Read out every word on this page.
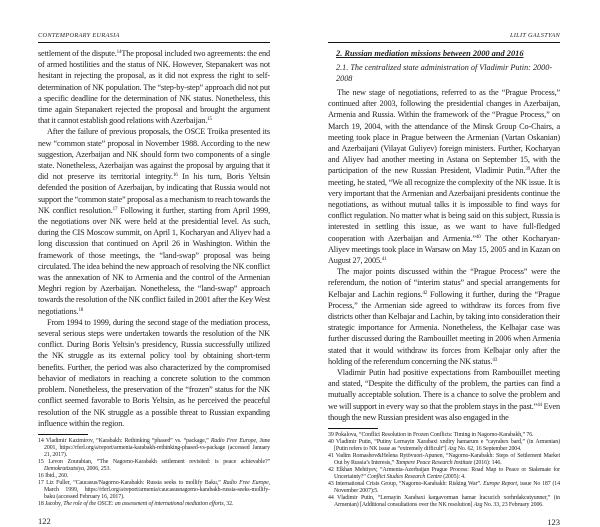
CONTEMPORARY EURASIA

settlement of the dispute.$^{14}$The proposal included two agreements: the end of armed hostilities and the status of NK. However, Stepanakert was not hesitant in rejecting the proposal, as it did not express the right to self-determination of NK population. The “step-by-step” approach did not put a specific deadline for the determination of NK status. Nonetheless, this time again Stepanakert rejected the proposal and brought the argument that it cannot establish good relations with Azerbaijan.$^{15}$

After the failure of previous proposals, the OSCE Troika presented its new “common state” proposal in November 1988. According to the new suggestion, Azerbaijan and NK should form two components of a single state. Nonetheless, Azerbaijan was against the proposal by arguing that it did not preserve its territorial integrity.$^{16}$ In his turn, Boris Yeltsin defended the position of Azerbaijan, by indicating that Russia would not support the “common state” proposal as a mechanism to reach towards the NK conflict resolution.$^{17}$ Following it further, starting from April 1999, the negotiations over NK were held at the presidential level. As such, during the CIS Moscow summit, on April 1, Kocharyan and Aliyev had a long discussion that continued on April 26 in Washington. Within the framework of those meetings, the “land-swap” proposal was being circulated. The idea behind the new approach of resolving the NK conflict was the annexation of NK to Armenia and the control of the Armenian Meghri region by Azerbaijan. Nonetheless, the “land-swap” approach towards the resolution of the NK conflict failed in 2001 after the Key West negotiations.$^{18}$

From 1994 to 1999, during the second stage of the mediation process, several serious steps were undertaken towards the resolution of the NK conflict. During Boris Yeltsin’s presidency, Russia successfully utilized the NK struggle as its external policy tool by obtaining short-term benefits. Further, the period was also characterized by the compromised behavior of mediators in reaching a concrete solution to the common problem. Nonetheless, the preservation of the “frozen” status for the NK conflict seemed favorable to Boris Yeltsin, as he perceived the peaceful resolution of the NK struggle as a possible threat to Russian expanding influence within the region.

14 Vladimir Kazimirov, “Karabakh: Rethinking “phased” vs. “package,” Radio Free Europe, June 2001, https://rferl.org/a/report/armenia-karabakh-rethinking-phased-vs-package (accessed January 21, 2017).
15 Levon Zourabian, “The Nagorno-Karabakh settlement revisited: is peace achievable?” Demokratizatsiya, 2006, 253.
16 Ibid., 260.
17 Liz Fuller, “Caucasus/Nagorno-Karabakh: Russia seeks to mollify Baku,” Radio Free Europe, March 1999, https://rferl.org/a/report/armenia/caucasusnagorno-karabakh-russia-seeks-mollify-baku (accessed February 16, 2017).
18 Jacoby, The role of the OSCE: an assessment of international mediation efforts, 32.
122
LILIT GALSTYAN
2. Russian mediation missions between 2000 and 2016
2.1. The centralized state administration of Vladimir Putin: 2000-2008

The new stage of negotiations, referred to as the “Prague Process,” continued after 2003, following the presidential changes in Azerbaijan, Armenia and Russia. Within the framework of the “Prague Process,” on March 19, 2004, with the attendance of the Minsk Group Co-Chairs, a meeting took place in Prague between the Armenian (Vartan Oskanian) and Azerbaijani (Vilayat Guliyev) foreign ministers. Further, Kocharyan and Aliyev had another meeting in Astana on September 15, with the participation of the new Russian President, Vladimir Putin.$^{39}$After the meeting, he stated, “We all recognize the complexity of the NK issue. It is very important that the Armenian and Azerbaijani presidents continue the negotiations, as without mutual talks it is impossible to find ways for conflict regulation. No matter what is being said on this subject, Russia is interested in settling this issue, as we want to have full-fledged cooperation with Azerbaijan and Armenia.”$^{40}$ The other Kocharyan-Aliyev meetings took place in Warsaw on May 15, 2005 and in Kazan on August 27, 2005.41

The major points discussed within the “Prague Process” were the referendum, the notion of “interim status” and special arrangements for Kelbajar and Lachin regions.$^{42}$ Following it further, during the “Prague Process,” the Armenian side agreed to withdraw its forces from five districts other than Kelbajar and Lachin, by taking into consideration their strategic importance for Armenia. Nonetheless, the Kelbajar case was further discussed during the Rambouillet meeting in 2006 when Armenia stated that it would withdraw its forces from Kelbajar only after the holding of the referendum concerning the NK status.$^{43}$

Vladimir Putin had positive expectations from Rambouillet meeting and stated, “Despite the difficulty of the problem, the parties can find a mutually acceptable solution. There is a chance to solve the problem and we will support in every way so that the problem stays in the past.”$^{44}$ Even though the new Russian president was also engaged in the

39 Pokalova, “Conflict Resolution in Frozen Conflicts: Timing in Nagorno-Karabakh,” 76.
40 Vladimir Putin, “Putiny Lernayin Xarabaxi xndiry hamarum e “cayrahex bard,” (in Armenian) [Putin refers to NK issue as “extremely difficult”] Azg No. 62, 16 September 2004.
41 Vadim Romashov&Helena Rytövuori-Apunen, “Nagorno-Karabakh: Steps of Settlement Market Out by Russia’s Interests,” Tampere Peace Research Institute (2016): 146.
42 Elkhan Mehtiyev, “Armenia-Azerbaijan Prague Process: Road Map to Peace or Stalemate for Uncertainty?” Conflict Studies Research Centre (2005): 4.
43 International Crisis Group, “Nagorno-Karabakh: Risking War”. Europe Report, issue No 187 (14 November 2007):5.
44 Vladimir Putin, “Lernayin Xarabaxi kargavorman hamar lracucich xorhrdakcutyunner,” (in Armenian) [Additional consultations over the NK resolution] Azg No. 33, 23 February 2006.
123
